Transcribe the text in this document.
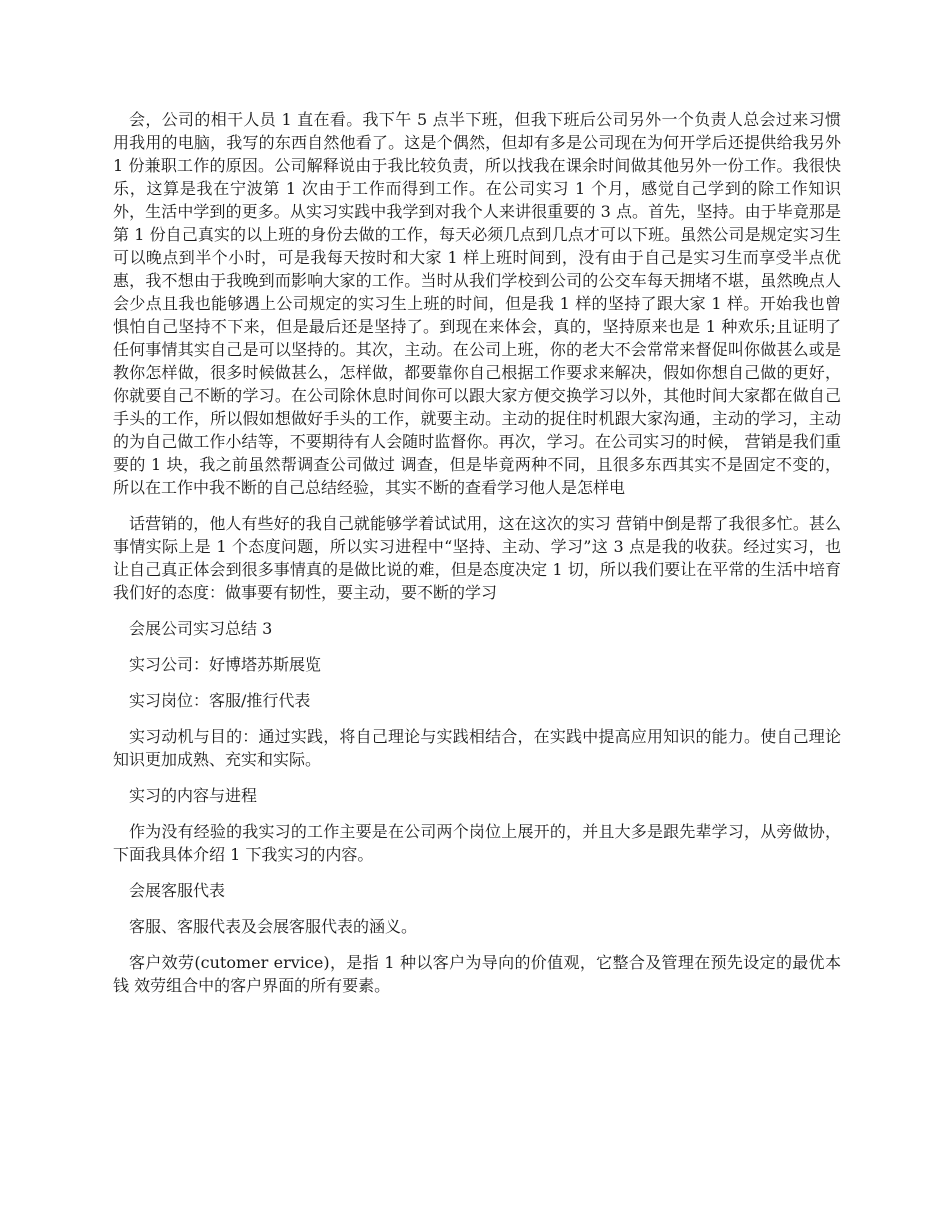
会，公司的相干人员 1 直在看。我下午 5 点半下班，但我下班后公司另外一个负责人总会过来习惯用我用的电脑，我写的东西自然他看了。这是个偶然，但却有多是公司现在为何开学后还提供给我另外 1 份兼职工作的原因。公司解释说由于我比较负责，所以找我在课余时间做其他另外一份工作。我很快乐，这算是我在宁波第 1 次由于工作而得到工作。在公司实习 1 个月，感觉自己学到的除工作知识外，生活中学到的更多。从实习实践中我学到对我个人来讲很重要的 3 点。首先，坚持。由于毕竟那是第 1 份自己真实的以上班的身份去做的工作，每天必须几点到几点才可以下班。虽然公司是规定实习生可以晚点到半个小时，可是我每天按时和大家 1 样上班时间到，没有由于自己是实习生而享受半点优惠，我不想由于我晚到而影响大家的工作。当时从我们学校到公司的公交车每天拥堵不堪，虽然晚点人会少点且我也能够遇上公司规定的实习生上班的时间，但是我 1 样的坚持了跟大家 1 样。开始我也曾惧怕自己坚持不下来，但是最后还是坚持了。到现在来体会，真的，坚持原来也是 1 种欢乐;且证明了任何事情其实自己是可以坚持的。其次，主动。在公司上班，你的老大不会常常来督促叫你做甚么或是教你怎样做，很多时候做甚么，怎样做，都要靠你自己根据工作要求来解决，假如你想自己做的更好，你就要自己不断的学习。在公司除休息时间你可以跟大家方便交换学习以外，其他时间大家都在做自己手头的工作，所以假如想做好手头的工作，就要主动。主动的捉住时机跟大家沟通，主动的学习，主动的为自己做工作小结等，不要期待有人会随时监督你。再次，学习。在公司实习的时候， 营销是我们重要的 1 块，我之前虽然帮调查公司做过 调查，但是毕竟两种不同，且很多东西其实不是固定不变的，所以在工作中我不断的自己总结经验，其实不断的查看学习他人是怎样电

话营销的，他人有些好的我自己就能够学着试试用，这在这次的实习 营销中倒是帮了我很多忙。甚么事情实际上是 1 个态度问题，所以实习进程中“坚持、主动、学习”这 3 点是我的收获。经过实习，也让自己真正体会到很多事情真的是做比说的难，但是态度决定 1 切，所以我们要让在平常的生活中培育我们好的态度：做事要有韧性，要主动，要不断的学习

会展公司实习总结 3

实习公司：好博塔苏斯展览

实习岗位：客服/推行代表

实习动机与目的：通过实践，将自己理论与实践相结合，在实践中提高应用知识的能力。使自己理论知识更加成熟、充实和实际。

实习的内容与进程

作为没有经验的我实习的工作主要是在公司两个岗位上展开的，并且大多是跟先辈学习，从旁做协，下面我具体介绍 1 下我实习的内容。

会展客服代表

客服、客服代表及会展客服代表的涵义。

客户效劳(cutomer ervice)，是指 1 种以客户为导向的价值观，它整合及管理在预先设定的最优本钱 效劳组合中的客户界面的所有要素。
